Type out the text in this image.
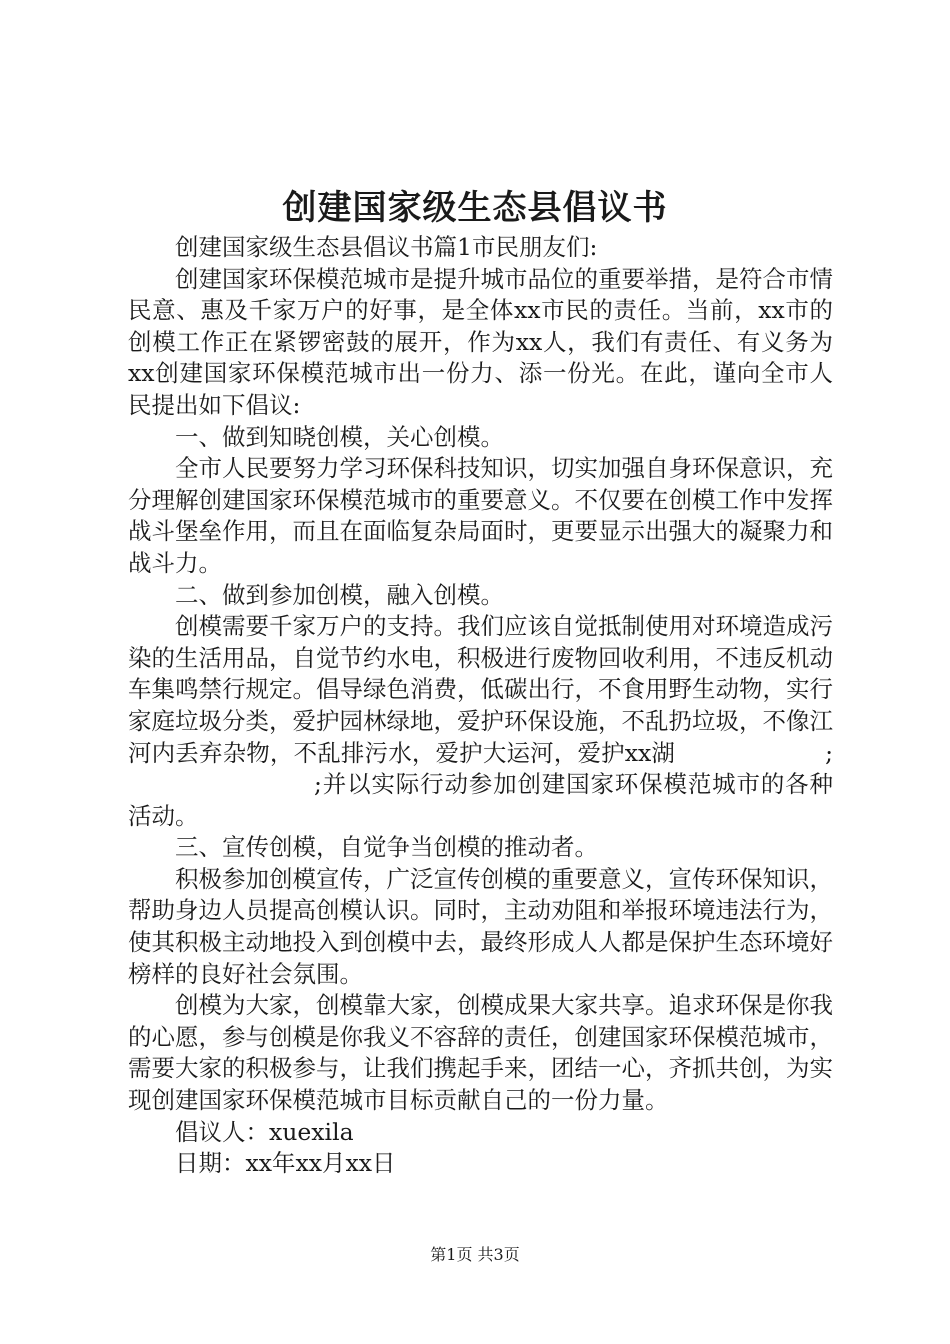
创建国家级生态县倡议书

创建国家级生态县倡议书篇1市民朋友们:

创建国家环保模范城市是提升城市品位的重要举措，是符合市情民意、惠及千家万户的好事，是全体xx市民的责任。当前，xx市的创模工作正在紧锣密鼓的展开，作为xx人，我们有责任、有义务为xx创建国家环保模范城市出一份力、添一份光。在此，谨向全市人民提出如下倡议:

一、做到知晓创模，关心创模。

全市人民要努力学习环保科技知识，切实加强自身环保意识，充分理解创建国家环保模范城市的重要意义。不仅要在创模工作中发挥战斗堡垒作用，而且在面临复杂局面时，更要显示出强大的凝聚力和战斗力。

二、做到参加创模，融入创模。

创模需要千家万户的支持。我们应该自觉抵制使用对环境造成污染的生活用品，自觉节约水电，积极进行废物回收利用，不违反机动车集鸣禁行规定。倡导绿色消费，低碳出行，不食用野生动物，实行家庭垃圾分类，爱护园林绿地，爱护环保设施，不乱扔垃圾，不像江河内丢弃杂物，不乱排污水，爱护大运河，爱护xx湖	;;并以实际行动参加创建国家环保模范城市的各种活动。

三、宣传创模，自觉争当创模的推动者。

积极参加创模宣传，广泛宣传创模的重要意义，宣传环保知识，帮助身边人员提高创模认识。同时，主动劝阻和举报环境违法行为，使其积极主动地投入到创模中去，最终形成人人都是保护生态环境好榜样的良好社会氛围。

创模为大家，创模靠大家，创模成果大家共享。追求环保是你我的心愿，参与创模是你我义不容辞的责任，创建国家环保模范城市，需要大家的积极参与，让我们携起手来，团结一心，齐抓共创，为实现创建国家环保模范城市目标贡献自己的一份力量。

倡议人：xuexila

日期：xx年xx月xx日

第1页 共3页
